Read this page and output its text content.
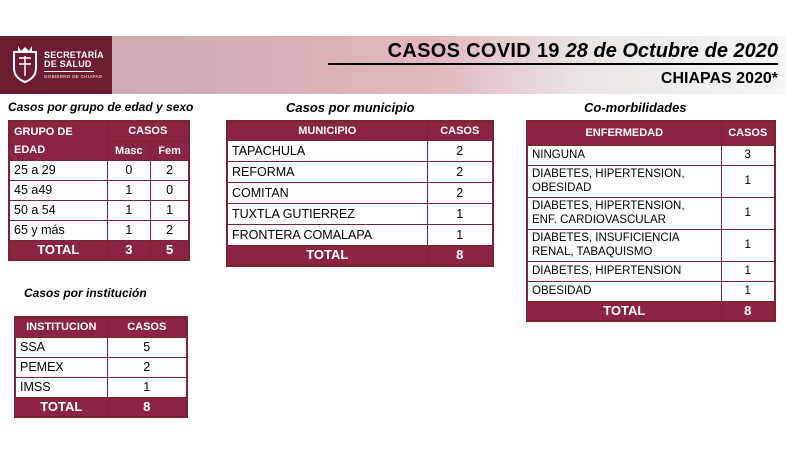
SECRETARÍA
DE SALUD
GOBIERNO DE CHIAPAS
CASOS COVID 19 28 de Octubre de 2020
CHIAPAS 2020*
Casos por grupo de edad y sexo
GRUPO DE EDAD	CASOS	
	Masc	Fem
25 a 29	0	2
45 a49	1	0
50 a 54	1	1
65 y más	1	2
TOTAL	3	5
Casos por institución
INSTITUCION	CASOS
SSA	5
PEMEX	2
IMSS	1
TOTAL	8
Casos por municipio
MUNICIPIO	CASOS
TAPACHULA	2
REFORMA	2
COMITAN	2
TUXTLA GUTIERREZ	1
FRONTERA COMALAPA	1
TOTAL	8
Co-morbilidades
ENFERMEDAD	CASOS
NINGUNA	3
DIABETES, HIPERTENSION,
OBESIDAD	1
DIABETES, HIPERTENSION,
ENF. CARDIOVASCULAR	1
DIABETES, INSUFICIENCIA
RENAL, TABAQUISMO	1
DIABETES, HIPERTENSION	1
OBESIDAD	1
TOTAL	8
